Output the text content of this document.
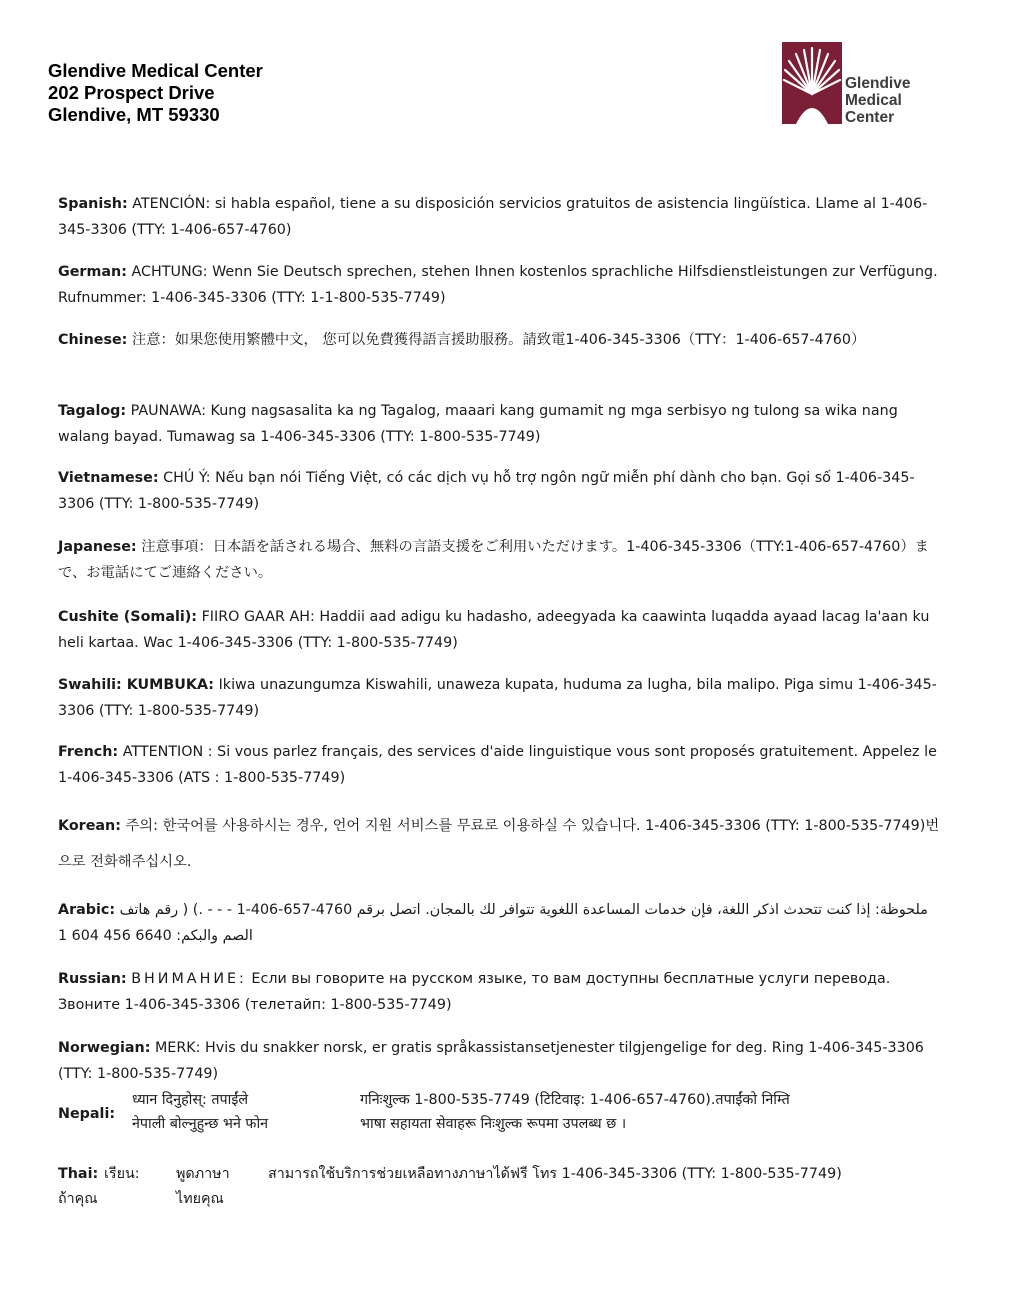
Glendive Medical Center
202 Prospect Drive
Glendive, MT 59330
Glendive
Medical
Center
Spanish: ATENCIÓN: si habla español, tiene a su disposición servicios gratuitos de asistencia lingüística. Llame al 1-406-345-3306 (TTY: 1-406-657-4760)
German: ACHTUNG: Wenn Sie Deutsch sprechen, stehen Ihnen kostenlos sprachliche Hilfsdienstleistungen zur Verfügung. Rufnummer: 1-406-345-3306 (TTY: 1-1-800-535-7749)
Chinese: 注意：如果您使用繁體中文， 您可以免費獲得語言援助服務。請致電1-406-345-3306（TTY：1-406-657-4760）
Tagalog: PAUNAWA: Kung nagsasalita ka ng Tagalog, maaari kang gumamit ng mga serbisyo ng tulong sa wika nang walang bayad. Tumawag sa 1-406-345-3306 (TTY: 1-800-535-7749)
Vietnamese: CHÚ Ý: Nếu bạn nói Tiếng Việt, có các dịch vụ hỗ trợ ngôn ngữ miễn phí dành cho bạn. Gọi số 1-406-345-3306 (TTY: 1-800-535-7749)
Japanese: 注意事項：日本語を話される場合、無料の言語支援をご利用いただけます。1-406-345-3306（TTY:1-406-657-4760）まで、お電話にてご連絡ください。
Cushite (Somali): FIIRO GAAR AH: Haddii aad adigu ku hadasho, adeegyada ka caawinta luqadda ayaad lacag la'aan ku heli kartaa. Wac 1-406-345-3306 (TTY: 1-800-535-7749)
Swahili: KUMBUKA: Ikiwa unazungumza Kiswahili, unaweza kupata, huduma za lugha, bila malipo. Piga simu 1-406-345-3306 (TTY: 1-800-535-7749)
French: ATTENTION : Si vous parlez français, des services d'aide linguistique vous sont proposés gratuitement. Appelez le 1-406-345-3306 (ATS : 1-800-535-7749)
Korean: 주의: 한국어를 사용하시는 경우, 언어 지원 서비스를 무료로 이용하실 수 있습니다. 1-406-345-3306 (TTY: 1-800-535-7749)번으로 전화해주십시오.
Arabic: ملحوظة: إذا كنت تتحدث اذكر اللغة، فإن خدمات المساعدة اللغوية تتوافر لك بالمجان. اتصل برقم 4760-657-406-1 - - - .) ( رقم هاتف الصم والبكم: 6640 456 604 1
Russian: ВНИМАНИЕ: Если вы говорите на русском языке, то вам доступны бесплатные услуги перевода. Звоните 1-406-345-3306 (телетайп: 1-800-535-7749)
Norwegian: MERK: Hvis du snakker norsk, er gratis språkassistansetjenester tilgjengelige for deg. Ring 1-406-345-3306 (TTY: 1-800-535-7749)
Nepali:
ध्यान दिनुहोस्: तपाईंले	गनिःशुल्क 1-800-535-7749 (टिटिवाइ: 1-406-657-4760).तपाईंको निम्ति
नेपाली बोल्नुहुन्छ भने फोन	भाषा सहायता सेवाहरू निःशुल्क रूपमा उपलब्ध छ ।
Thai: เรียน:
ถ้าคุณ
พูดภาษา
ไทยคุณ
สามารถใช้บริการช่วยเหลือทางภาษาได้ฟรี โทร 1-406-345-3306 (TTY: 1-800-535-7749)
